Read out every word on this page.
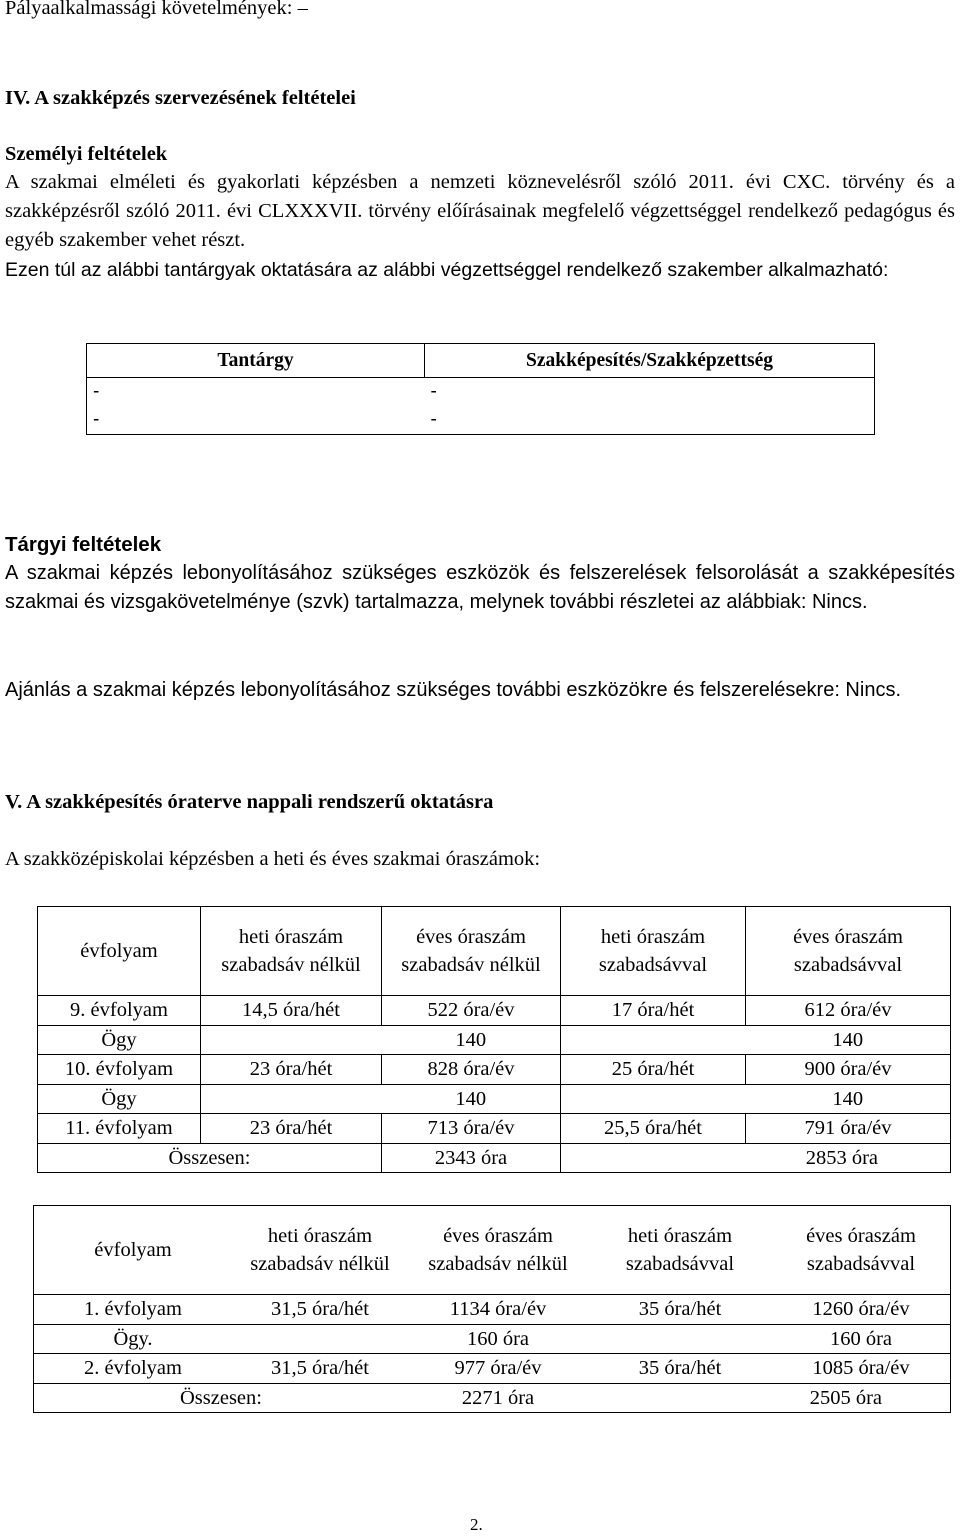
Pályaalkalmassági követelmények: –
IV. A szakképzés szervezésének feltételei
Személyi feltételek
A szakmai elméleti és gyakorlati képzésben a nemzeti köznevelésről szóló 2011. évi CXC. törvény és a szakképzésről szóló 2011. évi CLXXXVII. törvény előírásainak megfelelő végzettséggel rendelkező pedagógus és egyéb szakember vehet részt.
Ezen túl az alábbi tantárgyak oktatására az alábbi végzettséggel rendelkező szakember alkalmazható:
Tantárgy	Szakképesítés/Szakképzettség
-	-
-	-
Tárgyi feltételek
A szakmai képzés lebonyolításához szükséges eszközök és felszerelések felsorolását a szakképesítés szakmai és vizsgakövetelménye (szvk) tartalmazza, melynek további részletei az alábbiak: Nincs.
Ajánlás a szakmai képzés lebonyolításához szükséges további eszközökre és felszerelésekre: Nincs.
V. A szakképesítés óraterve nappali rendszerű oktatásra
A szakközépiskolai képzésben a heti és éves szakmai óraszámok:
évfolyam	heti óraszám szabadsáv nélkül	éves óraszám szabadsáv nélkül	heti óraszám szabadsávval	éves óraszám szabadsávval
9. évfolyam	14,5 óra/hét	522 óra/év	17 óra/hét	612 óra/év
Ögy		140		140
10. évfolyam	23 óra/hét	828 óra/év	25 óra/hét	900 óra/év
Ögy		140		140
11. évfolyam	23 óra/hét	713 óra/év	25,5 óra/hét	791 óra/év
Összesen:		2343 óra	2853 óra	
évfolyam	heti óraszám szabadsáv nélkül	éves óraszám szabadsáv nélkül	heti óraszám szabadsávval	éves óraszám szabadsávval
1. évfolyam	31,5 óra/hét	1134 óra/év	35 óra/hét	1260 óra/év
Ögy.		160 óra		160 óra
2. évfolyam	31,5 óra/hét	977 óra/év	35 óra/hét	1085 óra/év
Összesen:		2271 óra	2505 óra	
2.
